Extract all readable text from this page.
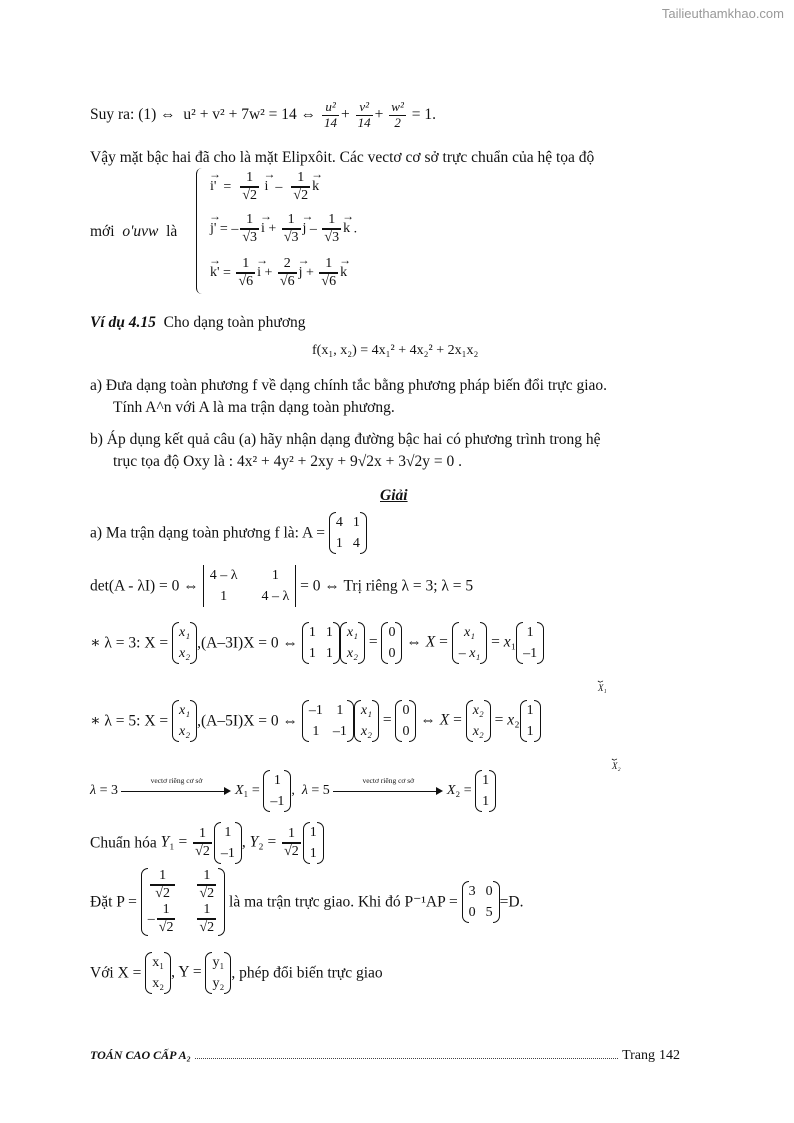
Tailieuthamkhao.com
Suy ra: (1) ⇔ u² + v² + 7w² = 14 ⇔ $\frac{\text{u²}}{14} + \frac{\text{v²}}{14} + \frac{\text{w²}}{2} = 1$.
Vậy mặt bậc hai đã cho là mặt Elipxôit. Các vectơ cơ sở trực chuẩn của hệ tọa độ
mới o'uvw là
→ $i' = \frac{1}{√2}$
→ i  – $\frac{1}{√2}$
→ k
→ j' = – $\frac{1}{√3}$
→ $i + \frac{1}{√3}$
→ j – $\frac{1}{√3}$
→ k .
→ $k' = \frac{1}{√6}$
→ $i + \frac{2}{√6}$
→ $j + \frac{1}{√6}$
→ k
Ví dụ 4.15 Cho dạng toàn phương
f(x₁, x₂) = 4x₁² + 4x₂² + 2x₁x₂
a) Đưa dạng toàn phương f về dạng chính tắc bằng phương pháp biến đổi trực giao.
Tính A^n với A là ma trận dạng toàn phương.
b) Áp dụng kết quả câu (a) hãy nhận dạng đường bậc hai có phương trình trong hệ
trục tọa độ Oxy là : 4x² + 4y² + 2xy + 9√2x + 3√2y = 0 .
Giải
a) Ma trận dạng toàn phương f là: A =
4 1
1 4
det(A - λI) = 0 ⇔
4 – λ	1
1	4 – λ
= 0 ⇔ Trị riêng λ = 3; λ = 5
∗ λ = 3: X =
x₁
x₂
,(A–3I)X = 0 ⇔
1 1
1 1
x₁
x₂
=
0
0
⇔ X =
x₁
– x₁
= x₁
1
–1
⏟
X₁
∗ λ = 5: X =
x₁
x₂
,(A–5I)X = 0 ⇔
–1 1
1 –1
x₁
x₂
=
0
0
⇔ X =
x₂
x₂
= x₂
1
1
⏟
X₂
λ = 3
vectơ riêng cơ sở
X₁ =
1
–1
,  λ = 5
vectơ riêng cơ sở
X₂ =
1
1
Chuẩn hóa $Y_1 = \frac{1}{√2} 1$
–1
, $Y_2 = \frac{1}{√2} 1$
1
Đặt $P = \frac{1}{√2} \frac{1}{√2}$
– $\frac{1}{√2} \frac{1}{√2}$
là ma trận trực giao. Khi đó P⁻¹AP =
3 0
0 5
=D.
Với X =
x₁
x₂
, Y =
y₁
y₂
, phép đổi biến trực giao
TOÁN CAO CẤP A₂	Trang
142
